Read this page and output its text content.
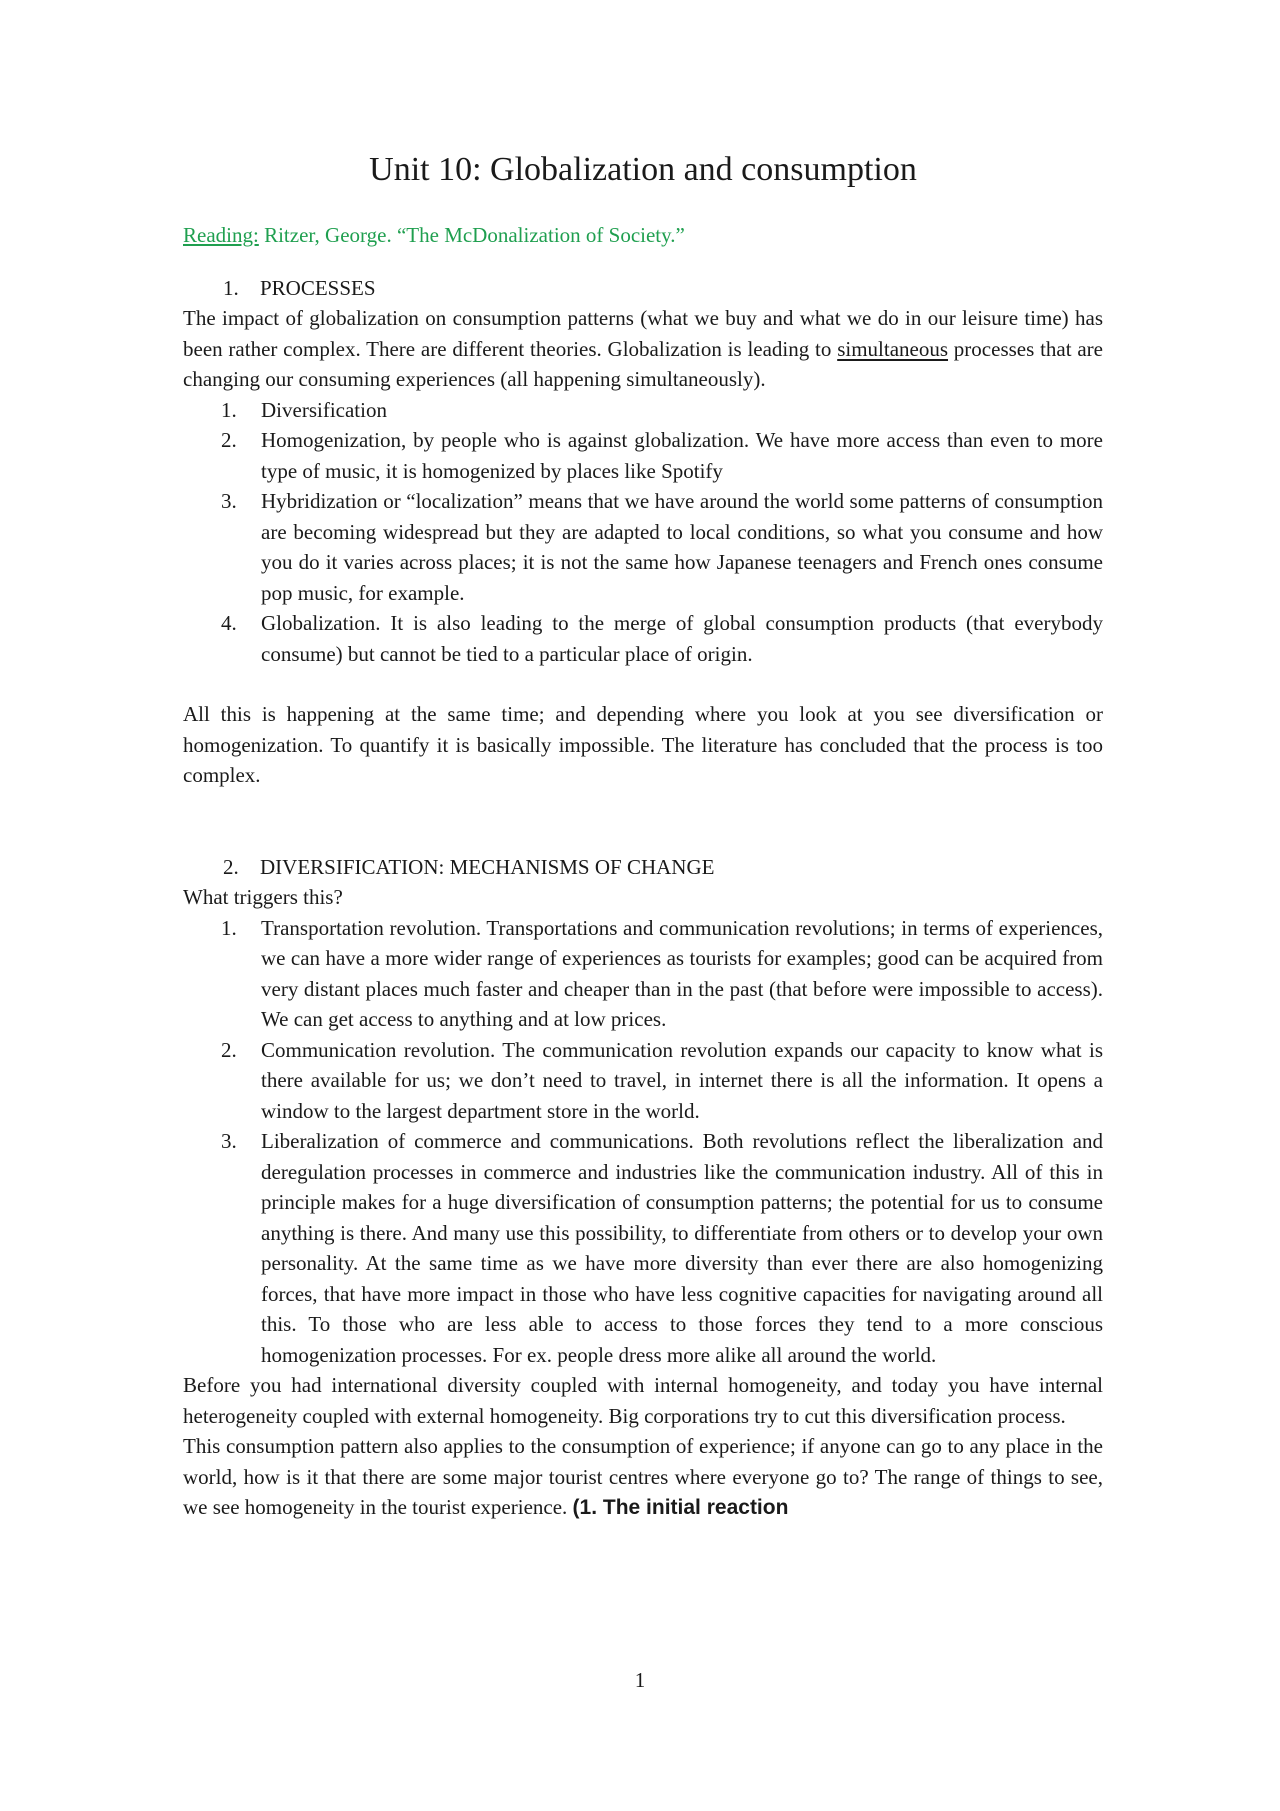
Unit 10: Globalization and consumption
Reading: Ritzer, George. “The McDonalization of Society.”
1. PROCESSES

The impact of globalization on consumption patterns (what we buy and what we do in our leisure time) has been rather complex. There are different theories. Globalization is leading to simultaneous processes that are changing our consuming experiences (all happening simultaneously).

1. Diversification
2. Homogenization, by people who is against globalization. We have more access than even to more type of music, it is homogenized by places like Spotify
3. Hybridization or “localization” means that we have around the world some patterns of consumption are becoming widespread but they are adapted to local conditions, so what you consume and how you do it varies across places; it is not the same how Japanese teenagers and French ones consume pop music, for example.
4. Globalization. It is also leading to the merge of global consumption products (that everybody consume) but cannot be tied to a particular place of origin.

All this is happening at the same time; and depending where you look at you see diversification or homogenization. To quantify it is basically impossible. The literature has concluded that the process is too complex.

2. DIVERSIFICATION: MECHANISMS OF CHANGE

What triggers this?

1. Transportation revolution. Transportations and communication revolutions; in terms of experiences, we can have a more wider range of experiences as tourists for examples; good can be acquired from very distant places much faster and cheaper than in the past (that before were impossible to access). We can get access to anything and at low prices.
2. Communication revolution. The communication revolution expands our capacity to know what is there available for us; we don’t need to travel, in internet there is all the information. It opens a window to the largest department store in the world.
3. Liberalization of commerce and communications. Both revolutions reflect the liberalization and deregulation processes in commerce and industries like the communication industry. All of this in principle makes for a huge diversification of consumption patterns; the potential for us to consume anything is there. And many use this possibility, to differentiate from others or to develop your own personality. At the same time as we have more diversity than ever there are also homogenizing forces, that have more impact in those who have less cognitive capacities for navigating around all this. To those who are less able to access to those forces they tend to a more conscious homogenization processes. For ex. people dress more alike all around the world.

Before you had international diversity coupled with internal homogeneity, and today you have internal heterogeneity coupled with external homogeneity. Big corporations try to cut this diversification process.

This consumption pattern also applies to the consumption of experience; if anyone can go to any place in the world, how is it that there are some major tourist centres where everyone go to? The range of things to see, we see homogeneity in the tourist experience. (1. The initial reaction

1
